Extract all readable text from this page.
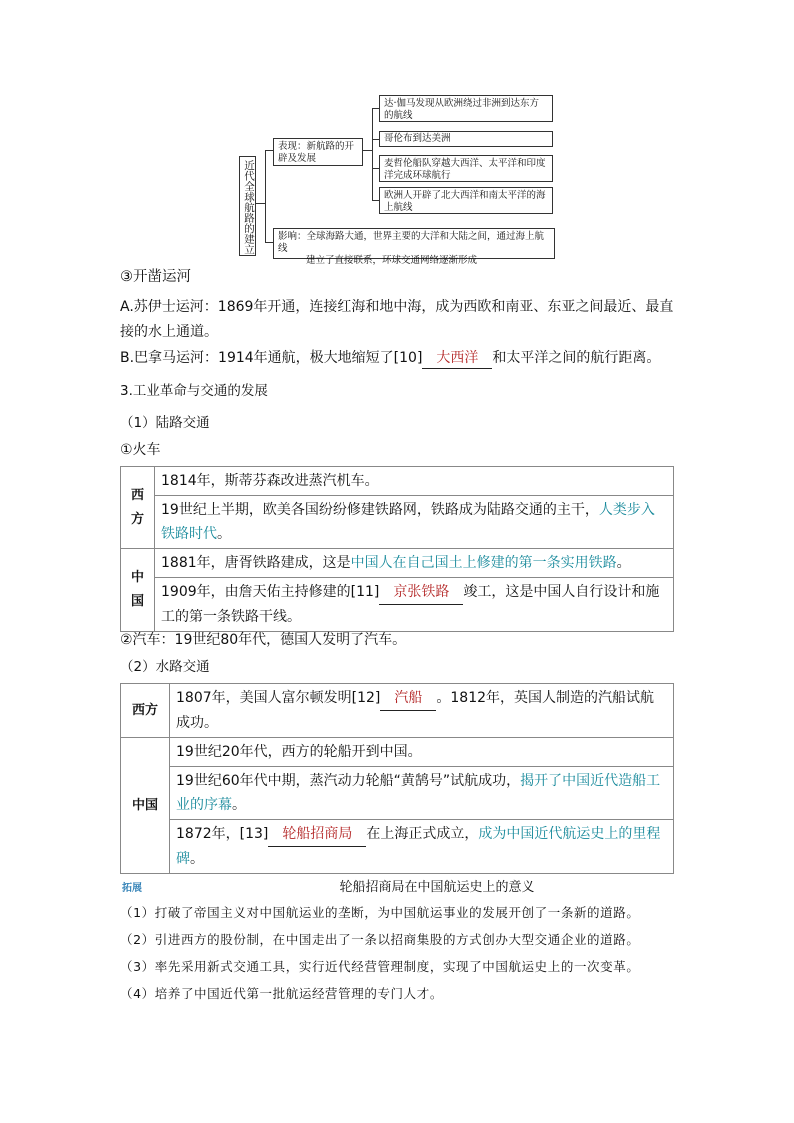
近代全球航路的建立
表现：新航路的开辟及发展
达·伽马发现从欧洲绕过非洲到达东方的航线
哥伦布到达美洲
麦哲伦船队穿越大西洋、太平洋和印度洋完成环球航行
欧洲人开辟了北大西洋和南太平洋的海上航线
影响：全球海路大通，世界主要的大洋和大陆之间，通过海上航线
建立了直接联系，环球交通网络逐渐形成
③开凿运河
A.苏伊士运河：1869年开通，连接红海和地中海，成为西欧和南亚、东亚之间最近、最直
接的水上通道。
B.巴拿马运河：1914年通航，极大地缩短了[10] 大西洋 和太平洋之间的航行距离。
3.工业革命与交通的发展
（1）陆路交通
①火车
西方	1814年，斯蒂芬森改进蒸汽机车。
	19世纪上半期，欧美各国纷纷修建铁路网，铁路成为陆路交通的主干，人类步入铁路时代。
中国	1881年，唐胥铁路建成，这是中国人在自己国土上修建的第一条实用铁路。
	1909年，由詹天佑主持修建的[11] 京张铁路 竣工，这是中国人自行设计和施工的第一条铁路干线。
②汽车：19世纪80年代，德国人发明了汽车。
（2）水路交通
西方	1807年，美国人富尔顿发明[12] 汽船 。1812年，英国人制造的汽船试航成功。
中国	19世纪20年代，西方的轮船开到中国。
	19世纪60年代中期，蒸汽动力轮船“黄鹄号”试航成功，揭开了中国近代造船工业的序幕。
	1872年，[13] 轮船招商局 在上海正式成立，成为中国近代航运史上的里程碑。
拓展	轮船招商局在中国航运史上的意义
（1）打破了帝国主义对中国航运业的垄断，为中国航运事业的发展开创了一条新的道路。
（2）引进西方的股份制，在中国走出了一条以招商集股的方式创办大型交通企业的道路。
（3）率先采用新式交通工具，实行近代经营管理制度，实现了中国航运史上的一次变革。
（4）培养了中国近代第一批航运经营管理的专门人才。
